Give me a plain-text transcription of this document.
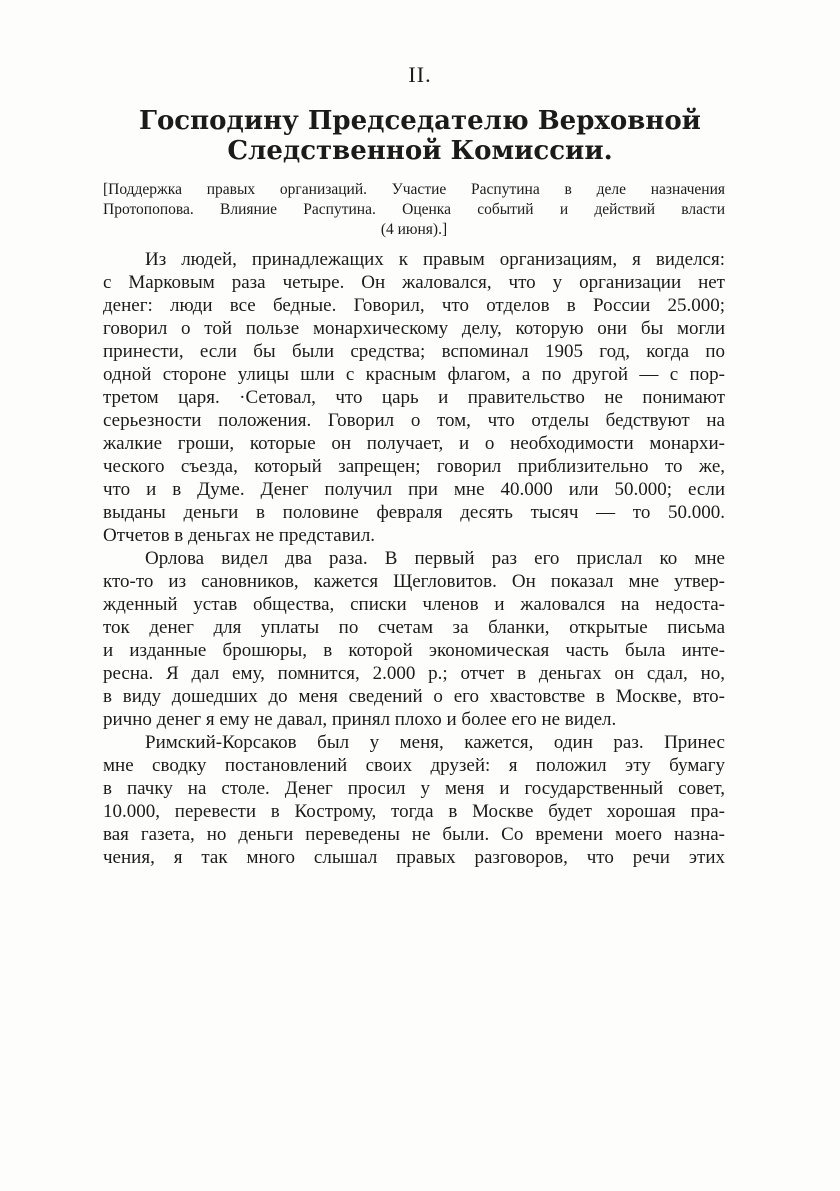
II.
Господину Председателю Верховной
Следственной Комиссии.
[Поддержка правых организаций. Участие Распутина в деле назначения
Протопопова. Влияние Распутина. Оценка событий и действий власти
(4 июня).]
Из людей, принадлежащих к правым организациям, я виделся:
с Марковым раза четыре. Он жаловался, что у организации нет
денег: люди все бедные. Говорил, что отделов в России 25.000;
говорил о той пользе монархическому делу, которую они бы могли
принести, если бы были средства; вспоминал 1905 год, когда по
одной стороне улицы шли с красным флагом, а по другой — с пор-
третом царя. ·Сетовал, что царь и правительство не понимают
серьезности положения. Говорил о том, что отделы бедствуют на
жалкие гроши, которые он получает, и о необходимости монархи-
ческого съезда, который запрещен; говорил приблизительно то же,
что и в Думе. Денег получил при мне 40.000 или 50.000; если
выданы деньги в половине февраля десять тысяч — то 50.000.
Отчетов в деньгах не представил.
Орлова видел два раза. В первый раз его прислал ко мне
кто-то из сановников, кажется Щегловитов. Он показал мне утвер-
жденный устав общества, списки членов и жаловался на недоста-
ток денег для уплаты по счетам за бланки, открытые письма
и изданные брошюры, в которой экономическая часть была инте-
ресна. Я дал ему, помнится, 2.000 р.; отчет в деньгах он сдал, но,
в виду дошедших до меня сведений о его хвастовстве в Москве, вто-
рично денег я ему не давал, принял плохо и более его не видел.
Римский-Корсаков был у меня, кажется, один раз. Принес
мне сводку постановлений своих друзей: я положил эту бумагу
в пачку на столе. Денег просил у меня и государственный совет,
10.000, перевести в Кострому, тогда в Москве будет хорошая пра-
вая газета, но деньги переведены не были. Со времени моего назна-
чения, я так много слышал правых разговоров, что речи этих
